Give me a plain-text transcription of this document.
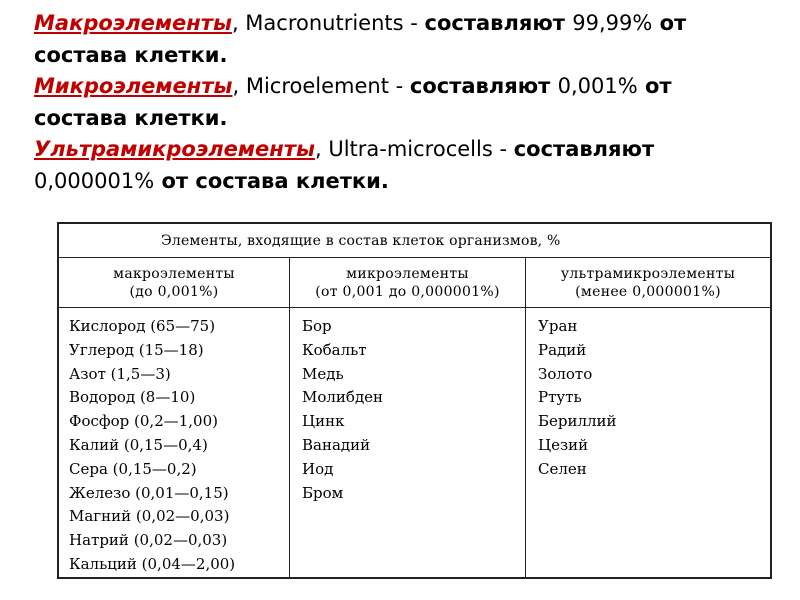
Макроэлементы, Macronutrients - составляют 99,99% от
состава клетки.
Микроэлементы, Microelement - составляют 0,001% от
состава клетки.
Ультрамикроэлементы, Ultra-microcells - составляют
0,000001% от состава клетки.
Элементы, входящие в состав клеток организмов, %
макроэлементы
(до 0,001%)
Кислород (65—75)
Углерод (15—18)
Азот (1,5—3)
Водород (8—10)
Фосфор (0,2—1,00)
Калий (0,15—0,4)
Сера (0,15—0,2)
Железо (0,01—0,15)
Магний (0,02—0,03)
Натрий (0,02—0,03)
Кальций (0,04—2,00)
микроэлементы
(от 0,001 до 0,000001%)
Бор
Кобальт
Медь
Молибден
Цинк
Ванадий
Иод
Бром
ультрамикроэлементы
(менее 0,000001%)
Уран
Радий
Золото
Ртуть
Бериллий
Цезий
Селен
